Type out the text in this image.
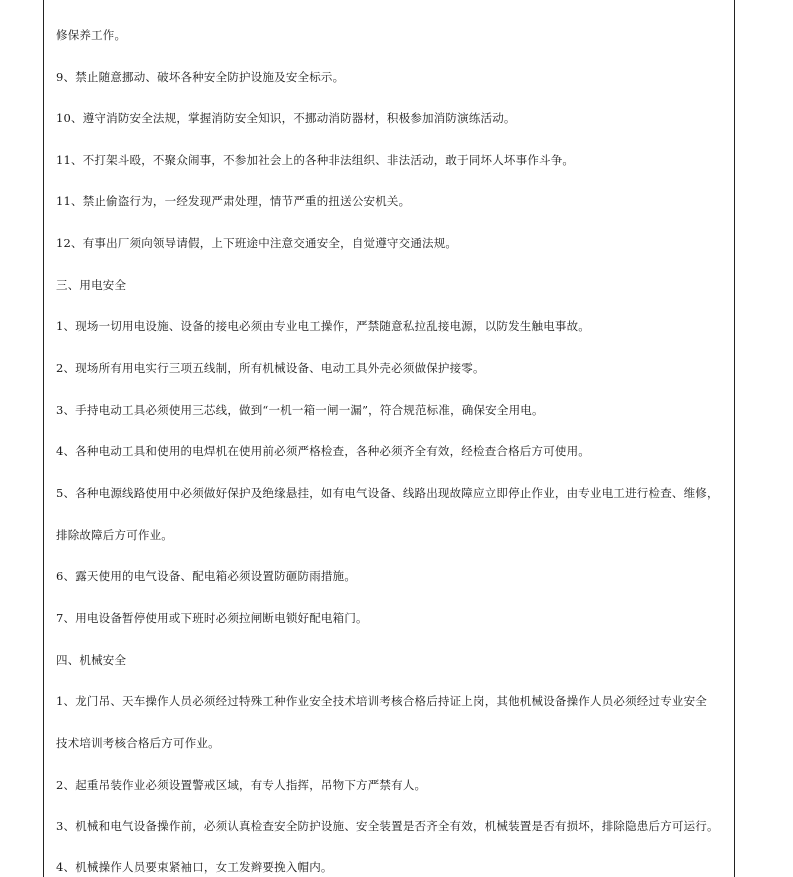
修保养工作。
9、禁止随意挪动、破坏各种安全防护设施及安全标示。
10、遵守消防安全法规，掌握消防安全知识，不挪动消防器材，积极参加消防演练活动。
11、不打架斗殴，不聚众闹事，不参加社会上的各种非法组织、非法活动，敢于同坏人坏事作斗争。
11、禁止偷盗行为，一经发现严肃处理，情节严重的扭送公安机关。
12、有事出厂须向领导请假，上下班途中注意交通安全，自觉遵守交通法规。
三、用电安全
1、现场一切用电设施、设备的接电必须由专业电工操作，严禁随意私拉乱接电源，以防发生触电事故。
2、现场所有用电实行三项五线制，所有机械设备、电动工具外壳必须做保护接零。
3、手持电动工具必须使用三芯线，做到“一机一箱一闸一漏”，符合规范标准，确保安全用电。
4、各种电动工具和使用的电焊机在使用前必须严格检查，各种必须齐全有效，经检查合格后方可使用。
5、各种电源线路使用中必须做好保护及绝缘悬挂，如有电气设备、线路出现故障应立即停止作业，由专业电工进行检查、维修，
排除故障后方可作业。
6、露天使用的电气设备、配电箱必须设置防砸防雨措施。
7、用电设备暂停使用或下班时必须拉闸断电锁好配电箱门。
四、机械安全
1、龙门吊、天车操作人员必须经过特殊工种作业安全技术培训考核合格后持证上岗，其他机械设备操作人员必须经过专业安全
技术培训考核合格后方可作业。
2、起重吊装作业必须设置警戒区域，有专人指挥，吊物下方严禁有人。
3、机械和电气设备操作前，必须认真检查安全防护设施、安全装置是否齐全有效，机械装置是否有损坏，排除隐患后方可运行。
4、机械操作人员要束紧袖口，女工发辫要挽入帽内。
